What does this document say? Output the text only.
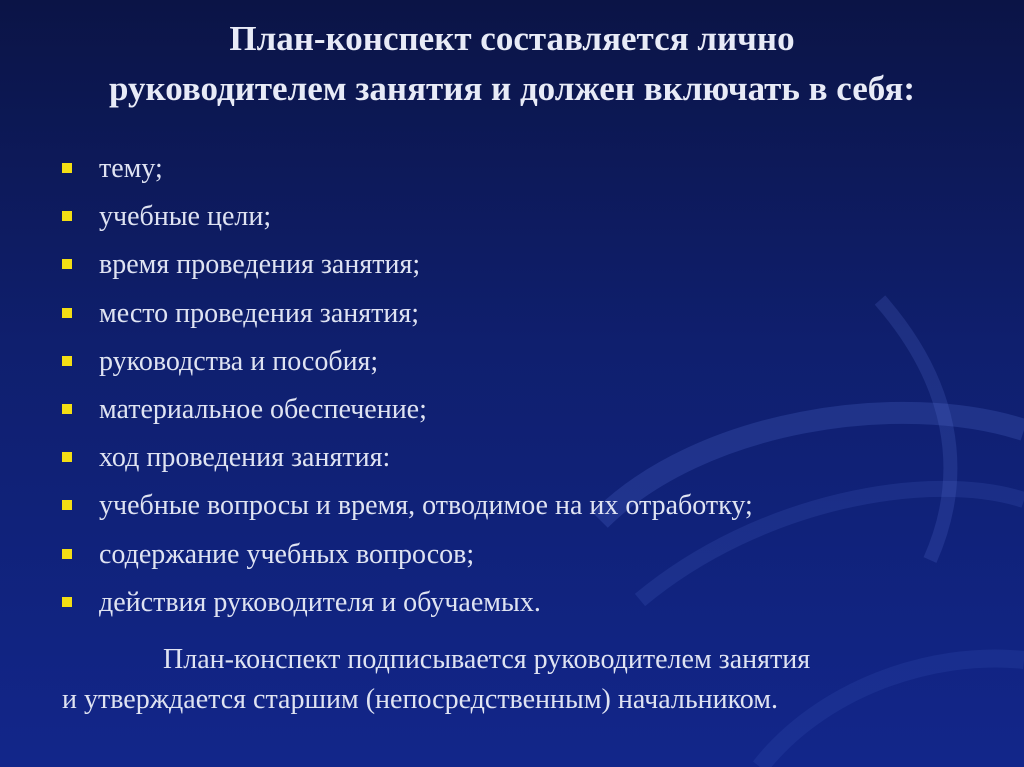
План-конспект составляется лично
руководителем занятия и должен включать в себя:
тему;
учебные цели;
время проведения занятия;
место проведения занятия;
руководства и пособия;
материальное обеспечение;
ход проведения занятия:
учебные вопросы и время, отводимое на их отработку;
содержание учебных вопросов;
действия руководителя и обучаемых.
План-конспект подписывается руководителем занятия
и утверждается старшим (непосредственным) начальником.
